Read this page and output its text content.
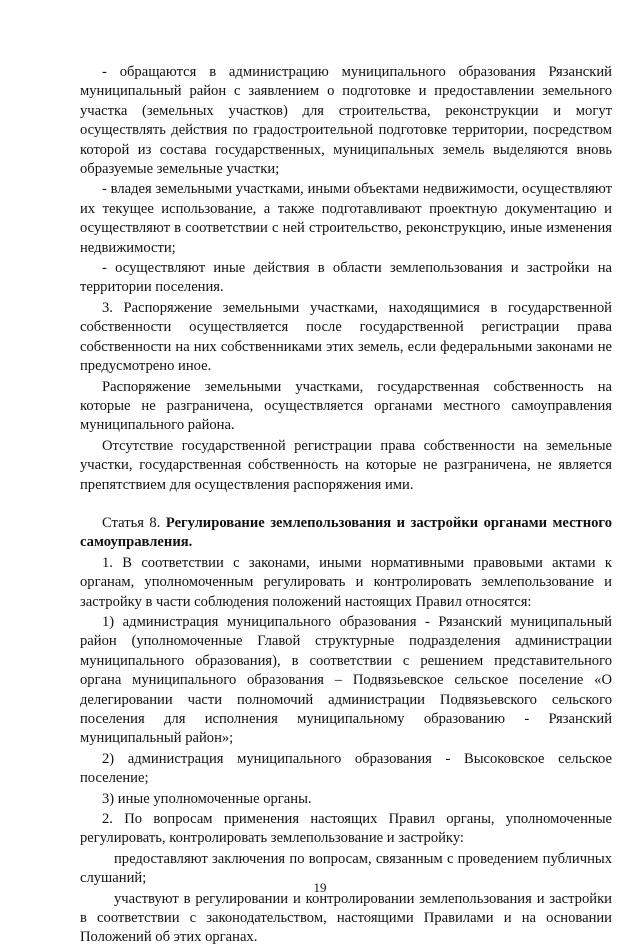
- обращаются в администрацию муниципального образования Рязанский муниципальный район с заявлением о подготовке и предоставлении земельного участка (земельных участков) для строительства, реконструкции и могут осуществлять действия по градостроительной подготовке территории, посредством которой из состава государственных, муниципальных земель выделяются вновь образуемые земельные участки;

- владея земельными участками, иными объектами недвижимости, осуществляют их текущее использование, а также подготавливают проектную документацию и осуществляют в соответствии с ней строительство, реконструкцию, иные изменения недвижимости;

- осуществляют иные действия в области землепользования и застройки на территории поселения.

3. Распоряжение земельными участками, находящимися в государственной собственности осуществляется после государственной регистрации права собственности на них собственниками этих земель, если федеральными законами не предусмотрено иное.

Распоряжение земельными участками, государственная собственность на которые не разграничена, осуществляется органами местного самоуправления муниципального района.

Отсутствие государственной регистрации права собственности на земельные участки, государственная собственность на которые не разграничена, не является препятствием для осуществления распоряжения ими.

Статья 8. Регулирование землепользования и застройки органами местного самоуправления.

1. В соответствии с законами, иными нормативными правовыми актами к органам, уполномоченным регулировать и контролировать землепользование и застройку в части соблюдения положений настоящих Правил относятся:

1) администрация муниципального образования - Рязанский муниципальный район (уполномоченные Главой структурные подразделения администрации муниципального образования), в соответствии с решением представительного органа муниципального образования – Подвязьевское сельское поселение «О делегировании части полномочий администрации Подвязьевского сельского поселения для исполнения муниципальному образованию - Рязанский муниципальный район»;

2) администрация муниципального образования - Высоковское сельское поселение;

3) иные уполномоченные органы.

2. По вопросам применения настоящих Правил органы, уполномоченные регулировать, контролировать землепользование и застройку:

предоставляют заключения по вопросам, связанным с проведением публичных слушаний;

участвуют в регулировании и контролировании землепользования и застройки в соответствии с законодательством, настоящими Правилами и на основании Положений об этих органах.

19
